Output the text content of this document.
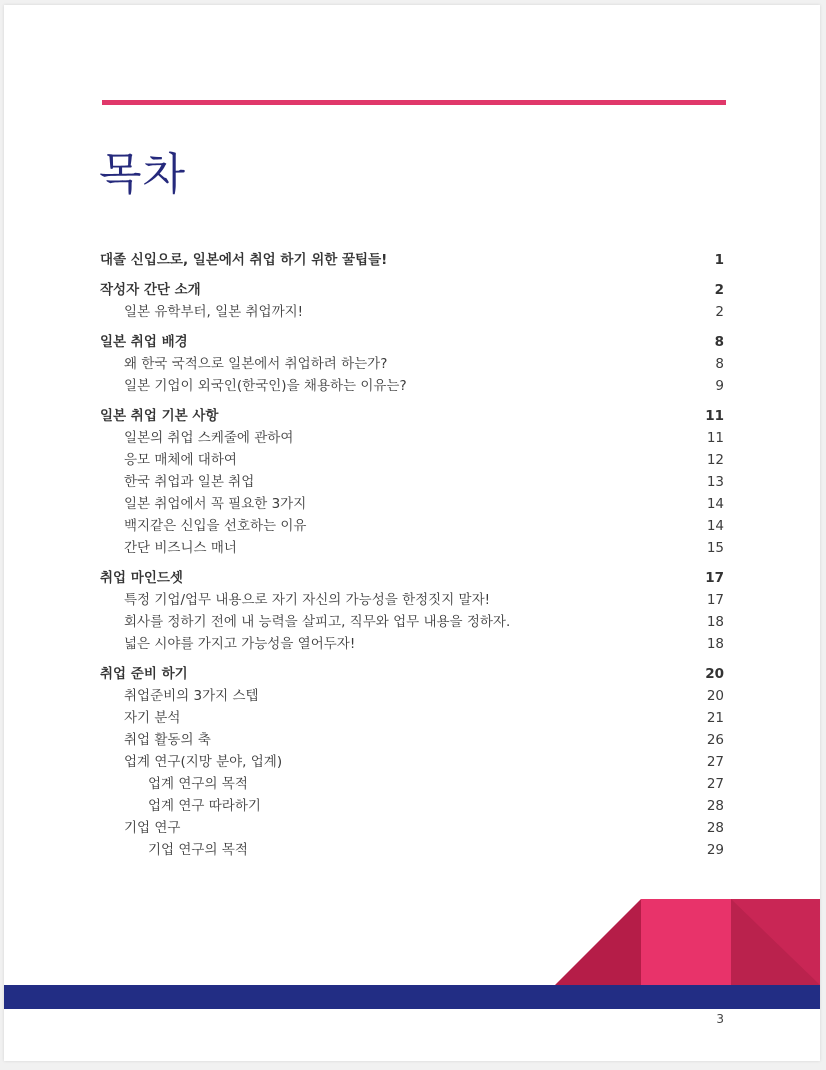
목차
대졸 신입으로, 일본에서 취업 하기 위한 꿀팁들!	1
작성자 간단 소개	2
일본 유학부터, 일본 취업까지!	2
일본 취업 배경	8
왜 한국 국적으로 일본에서 취업하려 하는가?	8
일본 기업이 외국인(한국인)을 채용하는 이유는?	9
일본 취업 기본 사항	11
일본의 취업 스케줄에 관하여	11
응모 매체에 대하여	12
한국 취업과 일본 취업	13
일본 취업에서 꼭 필요한 3가지	14
백지같은 신입을 선호하는 이유	14
간단 비즈니스 매너	15
취업 마인드셋	17
특정 기업/업무 내용으로 자기 자신의 가능성을 한정짓지 말자!	17
회사를 정하기 전에 내 능력을 살피고, 직무와 업무 내용을 정하자.	18
넓은 시야를 가지고 가능성을 열어두자!	18
취업 준비 하기	20
취업준비의 3가지 스텝	20
자기 분석	21
취업 활동의 축	26
업계 연구(지망 분야, 업계)	27
업계 연구의 목적	27
업계 연구 따라하기	28
기업 연구	28
기업 연구의 목적	29
3
